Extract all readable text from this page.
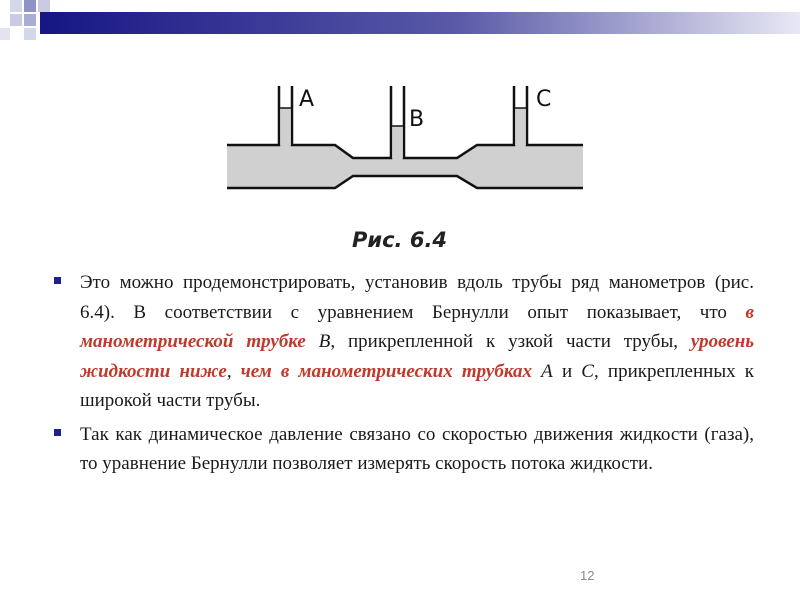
A
B
C
Рис. 6.4
Это можно продемонстрировать, установив вдоль трубы ряд манометров (рис. 6.4). В соответствии с уравнением Бернулли опыт показывает, что в манометрической трубке В, прикрепленной к узкой части трубы, уровень жидкости ниже, чем в манометрических трубках А и С, прикрепленных к широкой части трубы.
Так как динамическое давление связано со скоростью движения жидкости (газа), то уравнение Бернулли позволяет измерять скорость потока жидкости.
12
